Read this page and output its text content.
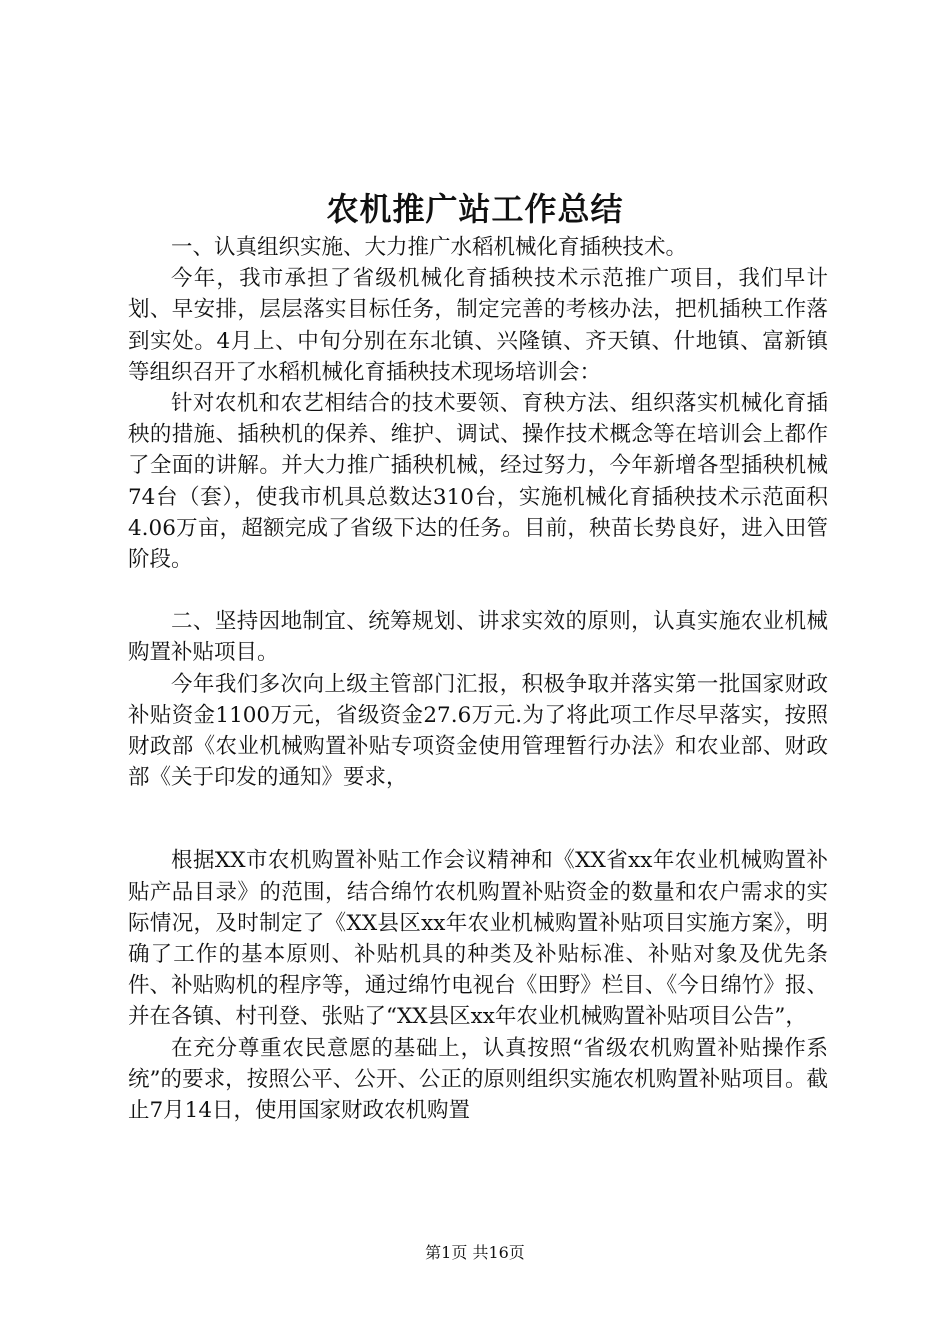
农机推广站工作总结

一、认真组织实施、大力推广水稻机械化育插秧技术。

今年，我市承担了省级机械化育插秧技术示范推广项目，我们早计划、早安排，层层落实目标任务，制定完善的考核办法，把机插秧工作落到实处。4月上、中旬分别在东北镇、兴隆镇、齐天镇、什地镇、富新镇等组织召开了水稻机械化育插秧技术现场培训会：

针对农机和农艺相结合的技术要领、育秧方法、组织落实机械化育插秧的措施、插秧机的保养、维护、调试、操作技术概念等在培训会上都作了全面的讲解。并大力推广插秧机械，经过努力，今年新增各型插秧机械74台（套），使我市机具总数达310台，实施机械化育插秧技术示范面积4.06万亩，超额完成了省级下达的任务。目前，秧苗长势良好，进入田管阶段。

二、坚持因地制宜、统筹规划、讲求实效的原则，认真实施农业机械购置补贴项目。

今年我们多次向上级主管部门汇报，积极争取并落实第一批国家财政补贴资金1100万元，省级资金27.6万元.为了将此项工作尽早落实，按照财政部《农业机械购置补贴专项资金使用管理暂行办法》和农业部、财政部《关于印发的通知》要求，

根据XX市农机购置补贴工作会议精神和《XX省xx年农业机械购置补贴产品目录》的范围，结合绵竹农机购置补贴资金的数量和农户需求的实际情况，及时制定了《XX县区xx年农业机械购置补贴项目实施方案》，明确了工作的基本原则、补贴机具的种类及补贴标准、补贴对象及优先条件、补贴购机的程序等，通过绵竹电视台《田野》栏目、《今日绵竹》报、并在各镇、村刊登、张贴了“XX县区xx年农业机械购置补贴项目公告”，

在充分尊重农民意愿的基础上，认真按照“省级农机购置补贴操作系统”的要求，按照公平、公开、公正的原则组织实施农机购置补贴项目。截止7月14日，使用国家财政农机购置

第1页 共16页
